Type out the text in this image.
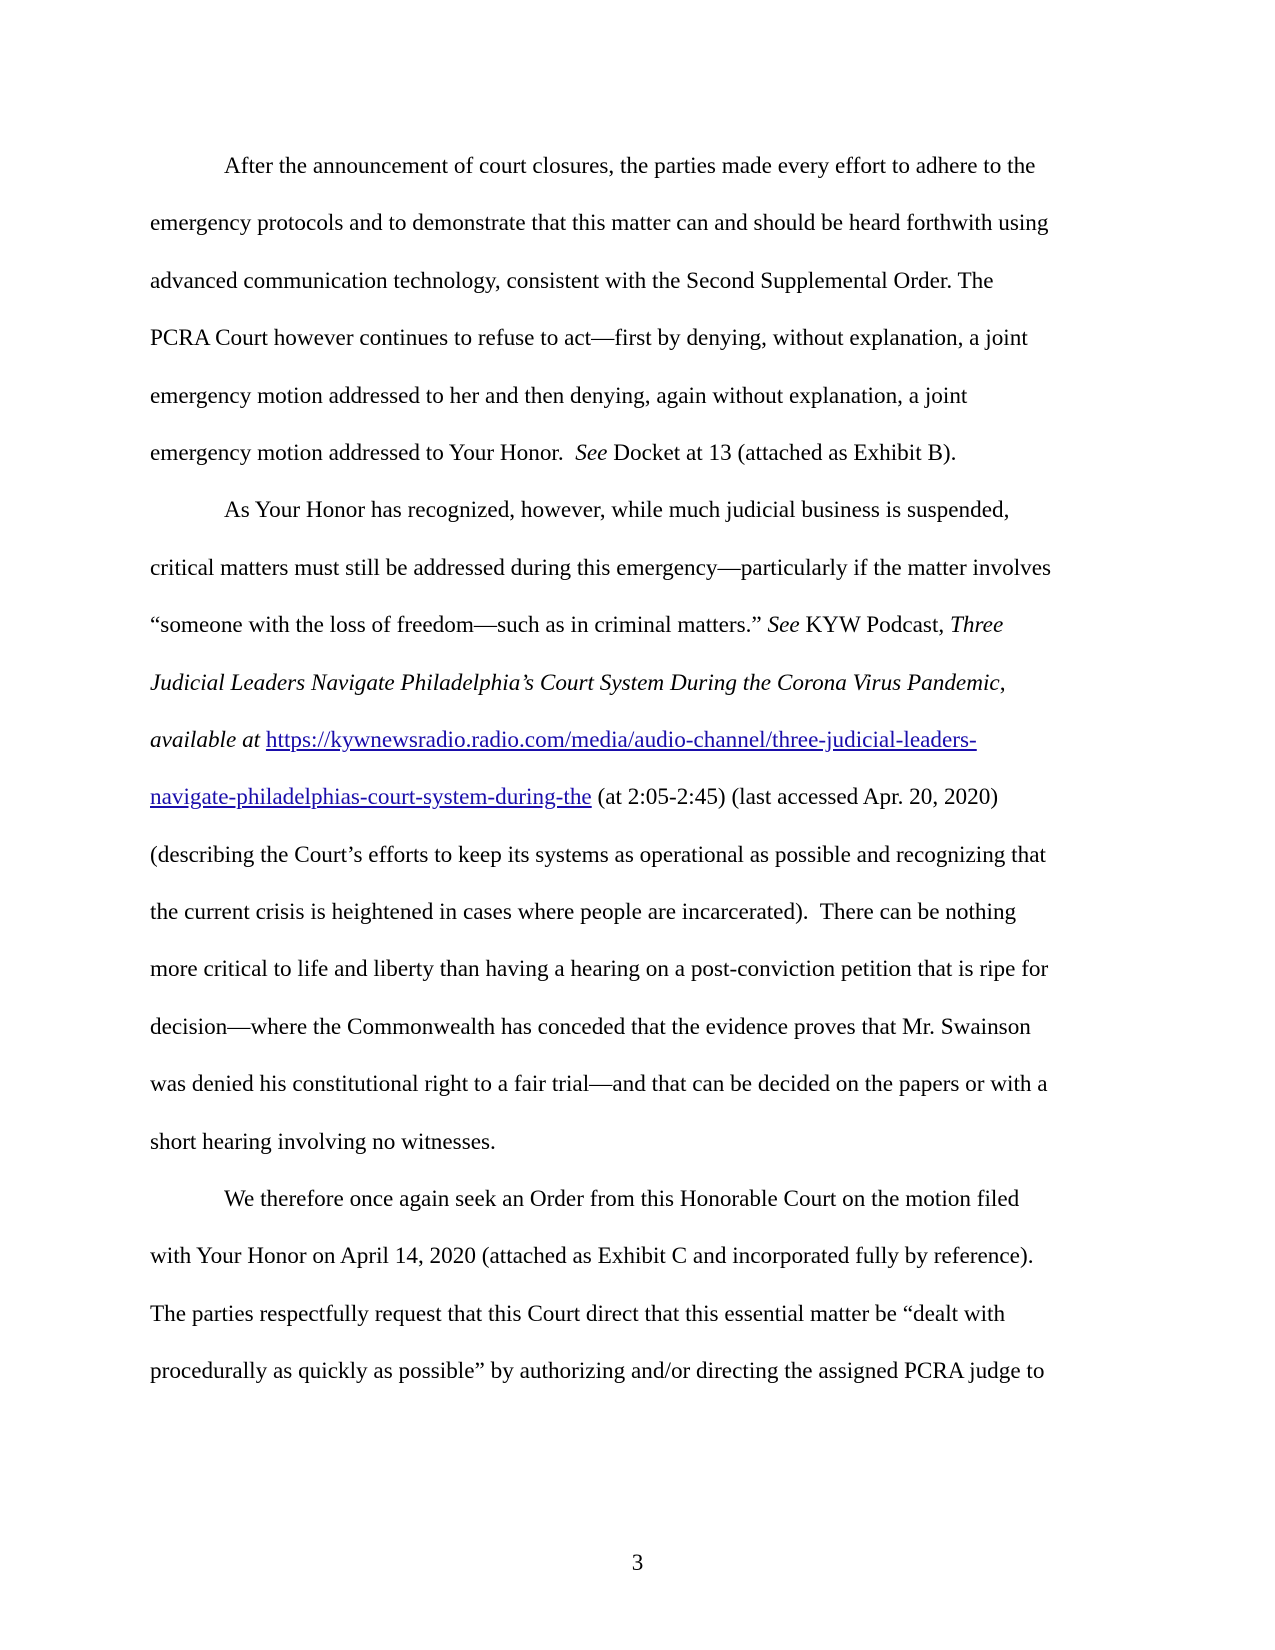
After the announcement of court closures, the parties made every effort to adhere to the
emergency protocols and to demonstrate that this matter can and should be heard forthwith using
advanced communication technology, consistent with the Second Supplemental Order. The
PCRA Court however continues to refuse to act—first by denying, without explanation, a joint
emergency motion addressed to her and then denying, again without explanation, a joint
emergency motion addressed to Your Honor.  See Docket at 13 (attached as Exhibit B).
As Your Honor has recognized, however, while much judicial business is suspended,
critical matters must still be addressed during this emergency—particularly if the matter involves
“someone with the loss of freedom—such as in criminal matters.” See KYW Podcast, Three
Judicial Leaders Navigate Philadelphia’s Court System During the Corona Virus Pandemic,
available at https://kywnewsradio.radio.com/media/audio-channel/three-judicial-leaders-
navigate-philadelphias-court-system-during-the (at 2:05-2:45) (last accessed Apr. 20, 2020)
(describing the Court’s efforts to keep its systems as operational as possible and recognizing that
the current crisis is heightened in cases where people are incarcerated).  There can be nothing
more critical to life and liberty than having a hearing on a post-conviction petition that is ripe for
decision—where the Commonwealth has conceded that the evidence proves that Mr. Swainson
was denied his constitutional right to a fair trial—and that can be decided on the papers or with a
short hearing involving no witnesses.
We therefore once again seek an Order from this Honorable Court on the motion filed
with Your Honor on April 14, 2020 (attached as Exhibit C and incorporated fully by reference).
The parties respectfully request that this Court direct that this essential matter be “dealt with
procedurally as quickly as possible” by authorizing and/or directing the assigned PCRA judge to
3
